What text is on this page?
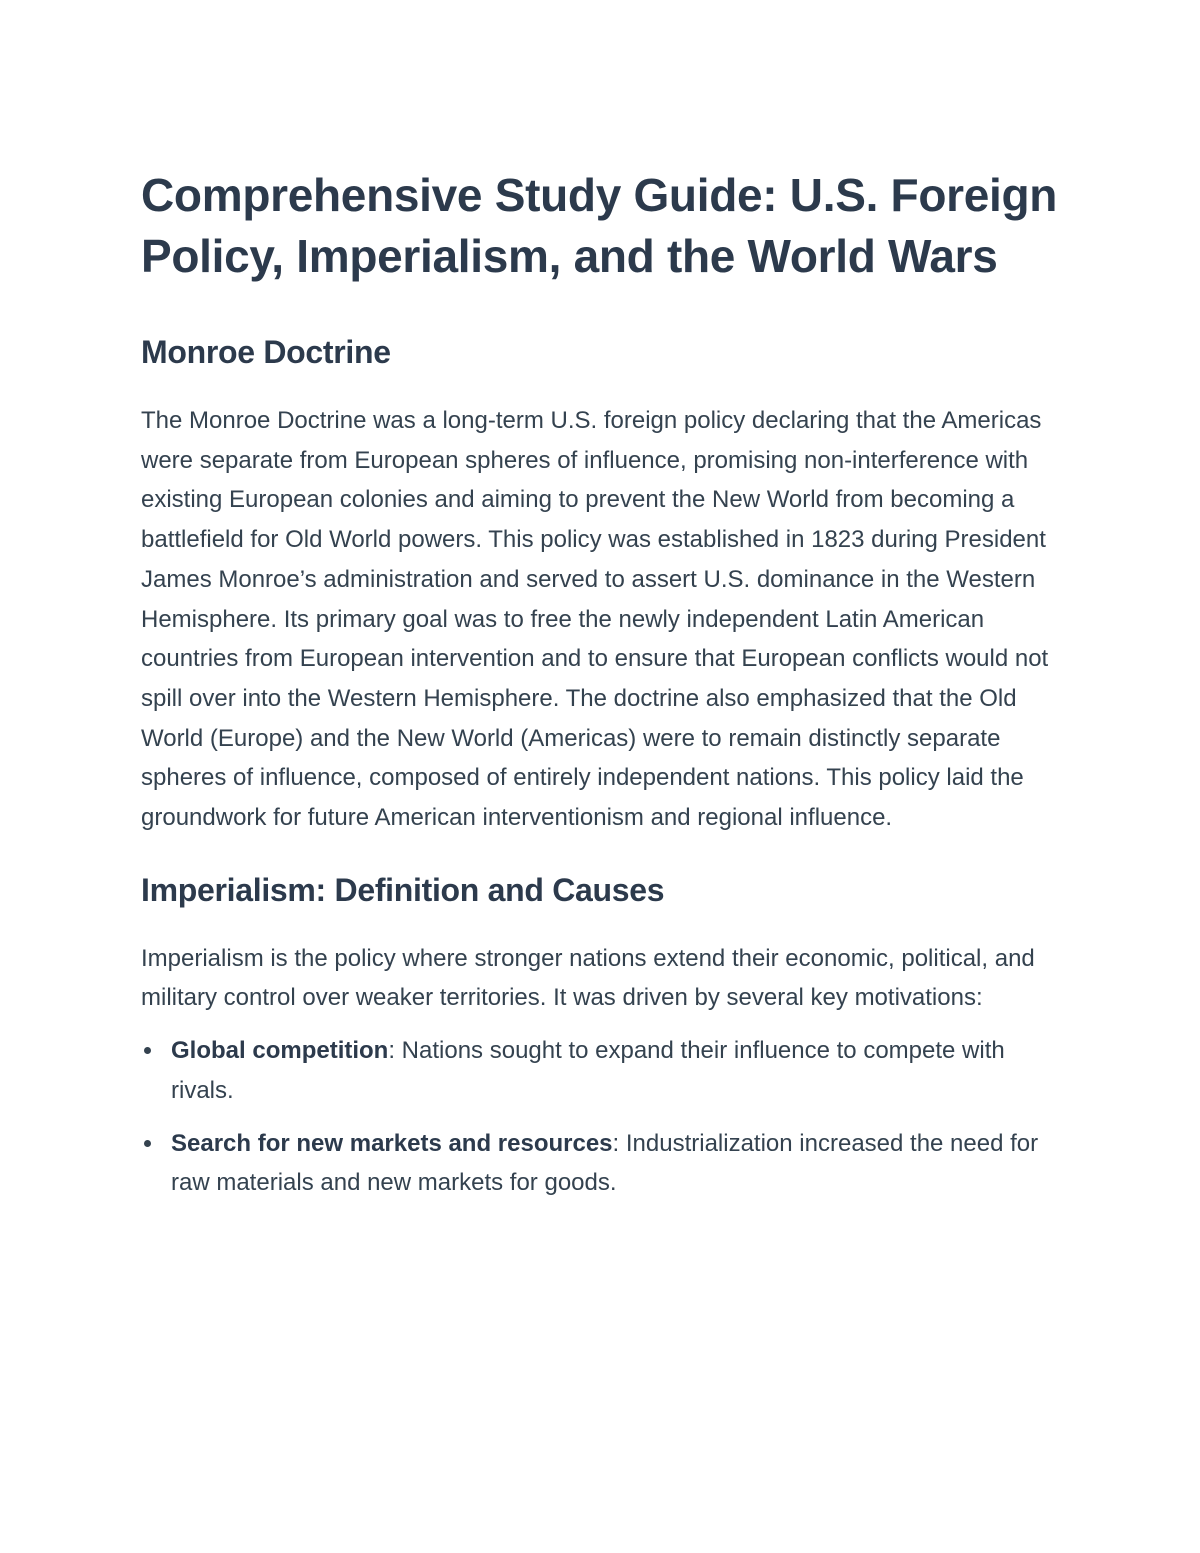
Comprehensive Study Guide: U.S. Foreign Policy, Imperialism, and the World Wars
Monroe Doctrine

The Monroe Doctrine was a long-term U.S. foreign policy declaring that the Americas were separate from European spheres of influence, promising non-interference with existing European colonies and aiming to prevent the New World from becoming a battlefield for Old World powers. This policy was established in 1823 during President James Monroe’s administration and served to assert U.S. dominance in the Western Hemisphere. Its primary goal was to free the newly independent Latin American countries from European intervention and to ensure that European conflicts would not spill over into the Western Hemisphere. The doctrine also emphasized that the Old World (Europe) and the New World (Americas) were to remain distinctly separate spheres of influence, composed of entirely independent nations. This policy laid the groundwork for future American interventionism and regional influence.

Imperialism: Definition and Causes

Imperialism is the policy where stronger nations extend their economic, political, and military control over weaker territories. It was driven by several key motivations:

Global competition: Nations sought to expand their influence to compete with rivals.
Search for new markets and resources: Industrialization increased the need for raw materials and new markets for goods.
